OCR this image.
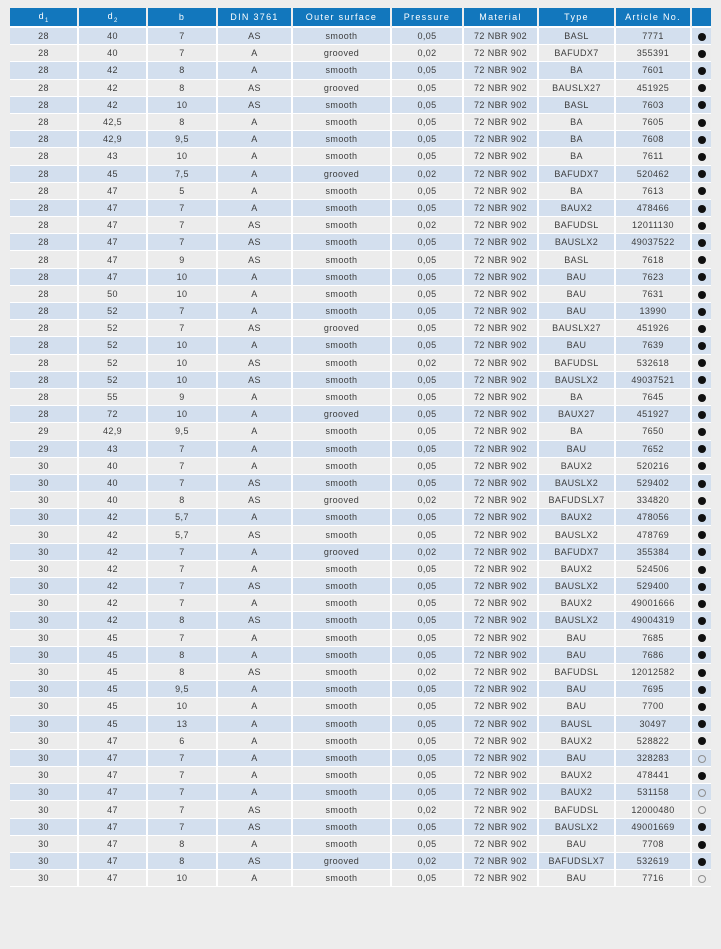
$d_1$	$d_2$	b	DIN 3761	Outer surface	Pressure	Material	Type	Article No.	
28	40	7	AS	smooth	0,05	72 NBR 902	BASL	7771	
28	40	7	A	grooved	0,02	72 NBR 902	BAFUDX7	355391	
28	42	8	A	smooth	0,05	72 NBR 902	BA	7601	
28	42	8	AS	grooved	0,05	72 NBR 902	BAUSLX27	451925	
28	42	10	AS	smooth	0,05	72 NBR 902	BASL	7603	
28	42,5	8	A	smooth	0,05	72 NBR 902	BA	7605	
28	42,9	9,5	A	smooth	0,05	72 NBR 902	BA	7608	
28	43	10	A	smooth	0,05	72 NBR 902	BA	7611	
28	45	7,5	A	grooved	0,02	72 NBR 902	BAFUDX7	520462	
28	47	5	A	smooth	0,05	72 NBR 902	BA	7613	
28	47	7	A	smooth	0,05	72 NBR 902	BAUX2	478466	
28	47	7	AS	smooth	0,02	72 NBR 902	BAFUDSL	12011130	
28	47	7	AS	smooth	0,05	72 NBR 902	BAUSLX2	49037522	
28	47	9	AS	smooth	0,05	72 NBR 902	BASL	7618	
28	47	10	A	smooth	0,05	72 NBR 902	BAU	7623	
28	50	10	A	smooth	0,05	72 NBR 902	BAU	7631	
28	52	7	A	smooth	0,05	72 NBR 902	BAU	13990	
28	52	7	AS	grooved	0,05	72 NBR 902	BAUSLX27	451926	
28	52	10	A	smooth	0,05	72 NBR 902	BAU	7639	
28	52	10	AS	smooth	0,02	72 NBR 902	BAFUDSL	532618	
28	52	10	AS	smooth	0,05	72 NBR 902	BAUSLX2	49037521	
28	55	9	A	smooth	0,05	72 NBR 902	BA	7645	
28	72	10	A	grooved	0,05	72 NBR 902	BAUX27	451927	
29	42,9	9,5	A	smooth	0,05	72 NBR 902	BA	7650	
29	43	7	A	smooth	0,05	72 NBR 902	BAU	7652	
30	40	7	A	smooth	0,05	72 NBR 902	BAUX2	520216	
30	40	7	AS	smooth	0,05	72 NBR 902	BAUSLX2	529402	
30	40	8	AS	grooved	0,02	72 NBR 902	BAFUDSLX7	334820	
30	42	5,7	A	smooth	0,05	72 NBR 902	BAUX2	478056	
30	42	5,7	AS	smooth	0,05	72 NBR 902	BAUSLX2	478769	
30	42	7	A	grooved	0,02	72 NBR 902	BAFUDX7	355384	
30	42	7	A	smooth	0,05	72 NBR 902	BAUX2	524506	
30	42	7	AS	smooth	0,05	72 NBR 902	BAUSLX2	529400	
30	42	7	A	smooth	0,05	72 NBR 902	BAUX2	49001666	
30	42	8	AS	smooth	0,05	72 NBR 902	BAUSLX2	49004319	
30	45	7	A	smooth	0,05	72 NBR 902	BAU	7685	
30	45	8	A	smooth	0,05	72 NBR 902	BAU	7686	
30	45	8	AS	smooth	0,02	72 NBR 902	BAFUDSL	12012582	
30	45	9,5	A	smooth	0,05	72 NBR 902	BAU	7695	
30	45	10	A	smooth	0,05	72 NBR 902	BAU	7700	
30	45	13	A	smooth	0,05	72 NBR 902	BAUSL	30497	
30	47	6	A	smooth	0,05	72 NBR 902	BAUX2	528822	
30	47	7	A	smooth	0,05	72 NBR 902	BAU	328283	
30	47	7	A	smooth	0,05	72 NBR 902	BAUX2	478441	
30	47	7	A	smooth	0,05	72 NBR 902	BAUX2	531158	
30	47	7	AS	smooth	0,02	72 NBR 902	BAFUDSL	12000480	
30	47	7	AS	smooth	0,05	72 NBR 902	BAUSLX2	49001669	
30	47	8	A	smooth	0,05	72 NBR 902	BAU	7708	
30	47	8	AS	grooved	0,02	72 NBR 902	BAFUDSLX7	532619	
30	47	10	A	smooth	0,05	72 NBR 902	BAU	7716	
